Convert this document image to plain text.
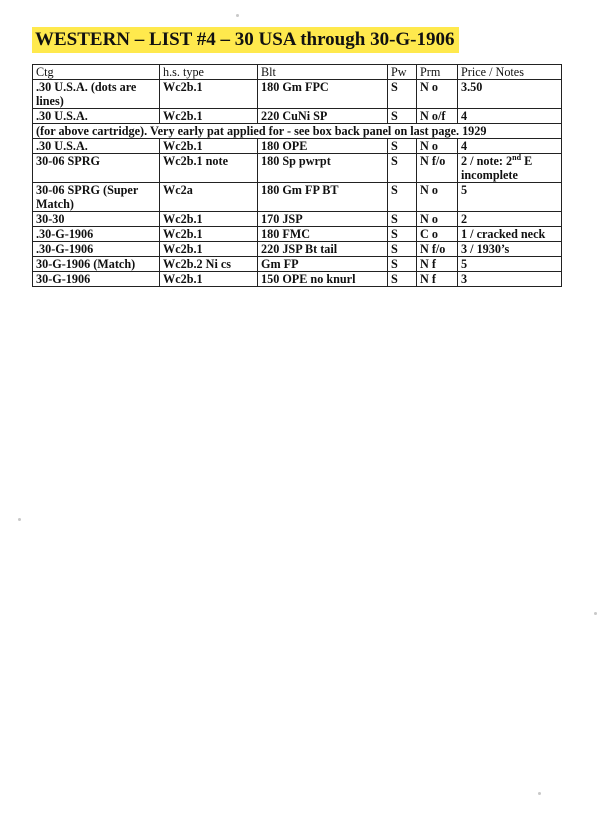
WESTERN – LIST #4 – 30 USA through 30-G-1906
Ctg	h.s. type	Blt	Pw	Prm	Price / Notes
.30 U.S.A. (dots are lines)	Wc2b.1	180 Gm FPC	S	N o	3.50
.30 U.S.A.	Wc2b.1	220 CuNi SP	S	N o/f	4
(for above cartridge). Very early pat applied for - see box back panel on last page. 1929					
.30 U.S.A.	Wc2b.1	180 OPE	S	N o	4
30-06 SPRG	Wc2b.1 note	180 Sp pwrpt	S	N f/o	2 / note: 2nd E incomplete
30-06 SPRG (Super Match)	Wc2a	180 Gm FP BT	S	N o	5
30-30	Wc2b.1	170 JSP	S	N o	2
.30-G-1906	Wc2b.1	180 FMC	S	C o	1 / cracked neck
.30-G-1906	Wc2b.1	220 JSP Bt tail	S	N f/o	3 / 1930’s
30-G-1906 (Match)	Wc2b.2 Ni cs	Gm FP	S	N f	5
30-G-1906	Wc2b.1	150 OPE no knurl	S	N f	3
